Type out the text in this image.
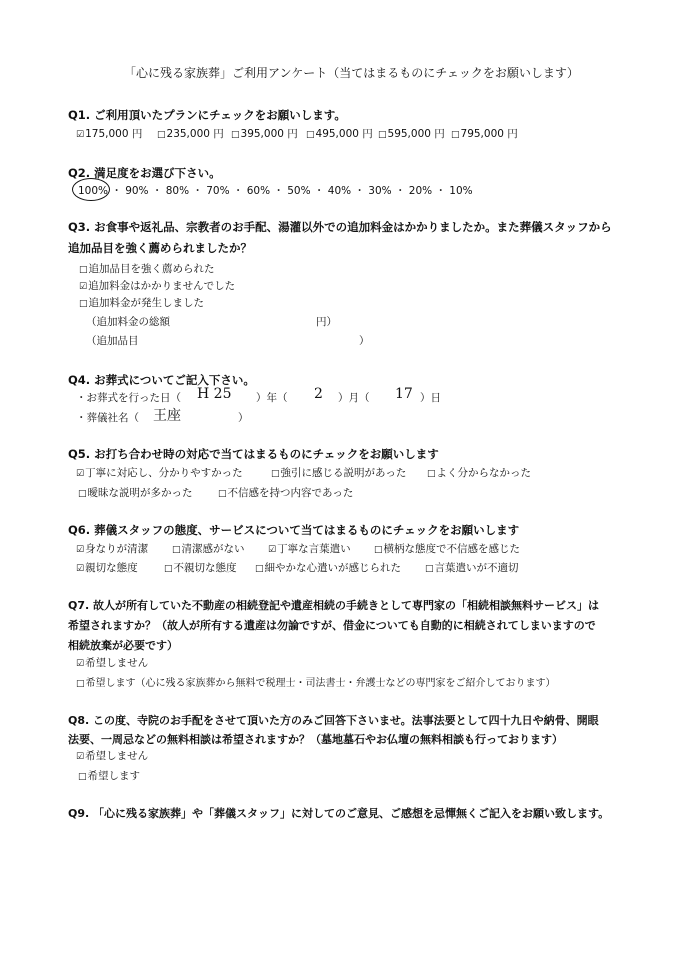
「心に残る家族葬」ご利用アンケート（当てはまるものにチェックをお願いします）
Q1. ご利用頂いたプランにチェックをお願いします。
☑175,000 円 □235,000 円 □395,000 円 □495,000 円 □595,000 円 □795,000 円
Q2. 満足度をお選び下さい。
100% ・ 90% ・ 80% ・ 70% ・ 60% ・ 50% ・ 40% ・ 30% ・ 20% ・ 10%
Q3. お食事や返礼品、宗教者のお手配、湯灌以外での追加料金はかかりましたか。また葬儀スタッフから
追加品目を強く薦められましたか？
□追加品目を強く薦められた
☑追加料金はかかりませんでした
□追加料金が発生しました
（追加料金の総額	円）
（追加品目	）
Q4. お葬式についてご記入下さい。
・お葬式を行った日（ H 25 ）年（ 2 ）月（ 17 ）日
・葬儀社名（ 王座	）
Q5. お打ち合わせ時の対応で当てはまるものにチェックをお願いします
☑丁寧に対応し、分かりやすかった	□強引に感じる説明があった □よく分からなかった
□曖昧な説明が多かった	□不信感を持つ内容であった
Q6. 葬儀スタッフの態度、サービスについて当てはまるものにチェックをお願いします
☑身なりが清潔	□清潔感がない	☑丁寧な言葉遣い	□横柄な態度で不信感を感じた
☑親切な態度	□不親切な態度 □細やかな心遣いが感じられた	□言葉遣いが不適切
Q7. 故人が所有していた不動産の相続登記や遺産相続の手続きとして専門家の「相続相談無料サービス」は
希望されますか？（故人が所有する遺産は勿論ですが、借金についても自動的に相続されてしまいますので
相続放棄が必要です）
☑希望しません
□希望します（心に残る家族葬から無料で税理士・司法書士・弁護士などの専門家をご紹介しております）
Q8. この度、寺院のお手配をさせて頂いた方のみご回答下さいませ。法事法要として四十九日や納骨、開眼
法要、一周忌などの無料相談は希望されますか？（墓地墓石やお仏壇の無料相談も行っております）
☑希望しません
□希望します
Q9. 「心に残る家族葬」や「葬儀スタッフ」に対してのご意見、ご感想を忌憚無くご記入をお願い致します。
